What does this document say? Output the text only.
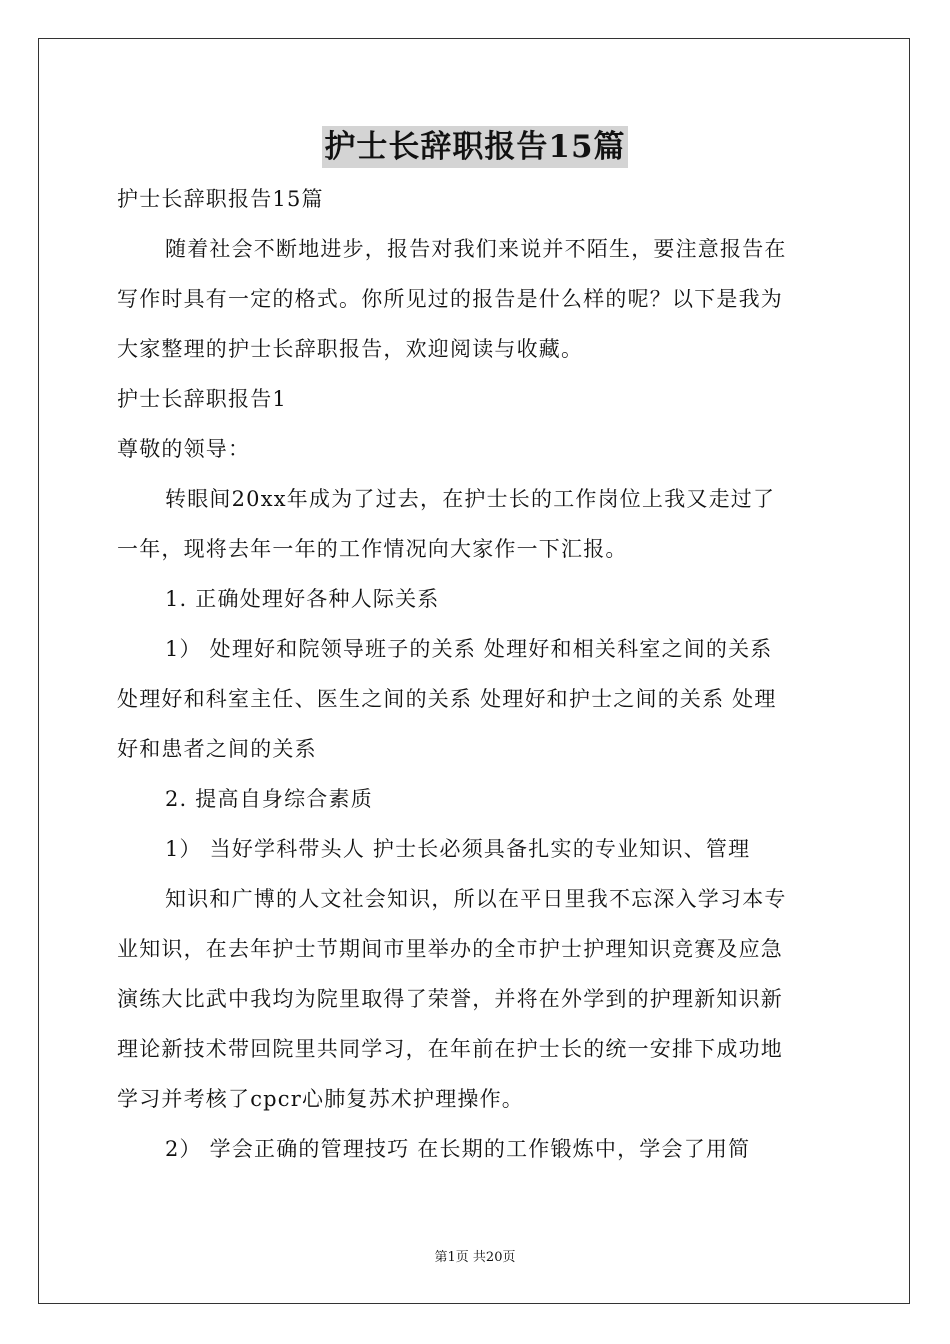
护士长辞职报告15篇
护士长辞职报告15篇
随着社会不断地进步，报告对我们来说并不陌生，要注意报告在
写作时具有一定的格式。你所见过的报告是什么样的呢？以下是我为
大家整理的护士长辞职报告，欢迎阅读与收藏。
护士长辞职报告1
尊敬的领导：
转眼间20xx年成为了过去，在护士长的工作岗位上我又走过了
一年，现将去年一年的工作情况向大家作一下汇报。
1. 正确处理好各种人际关系
1） 处理好和院领导班子的关系 处理好和相关科室之间的关系
处理好和科室主任、医生之间的关系 处理好和护士之间的关系 处理
好和患者之间的关系
2. 提高自身综合素质
1） 当好学科带头人 护士长必须具备扎实的专业知识、管理
知识和广博的人文社会知识，所以在平日里我不忘深入学习本专
业知识，在去年护士节期间市里举办的全市护士护理知识竞赛及应急
演练大比武中我均为院里取得了荣誉，并将在外学到的护理新知识新
理论新技术带回院里共同学习，在年前在护士长的统一安排下成功地
学习并考核了cpcr心肺复苏术护理操作。
2） 学会正确的管理技巧 在长期的工作锻炼中，学会了用简
第1页 共20页
